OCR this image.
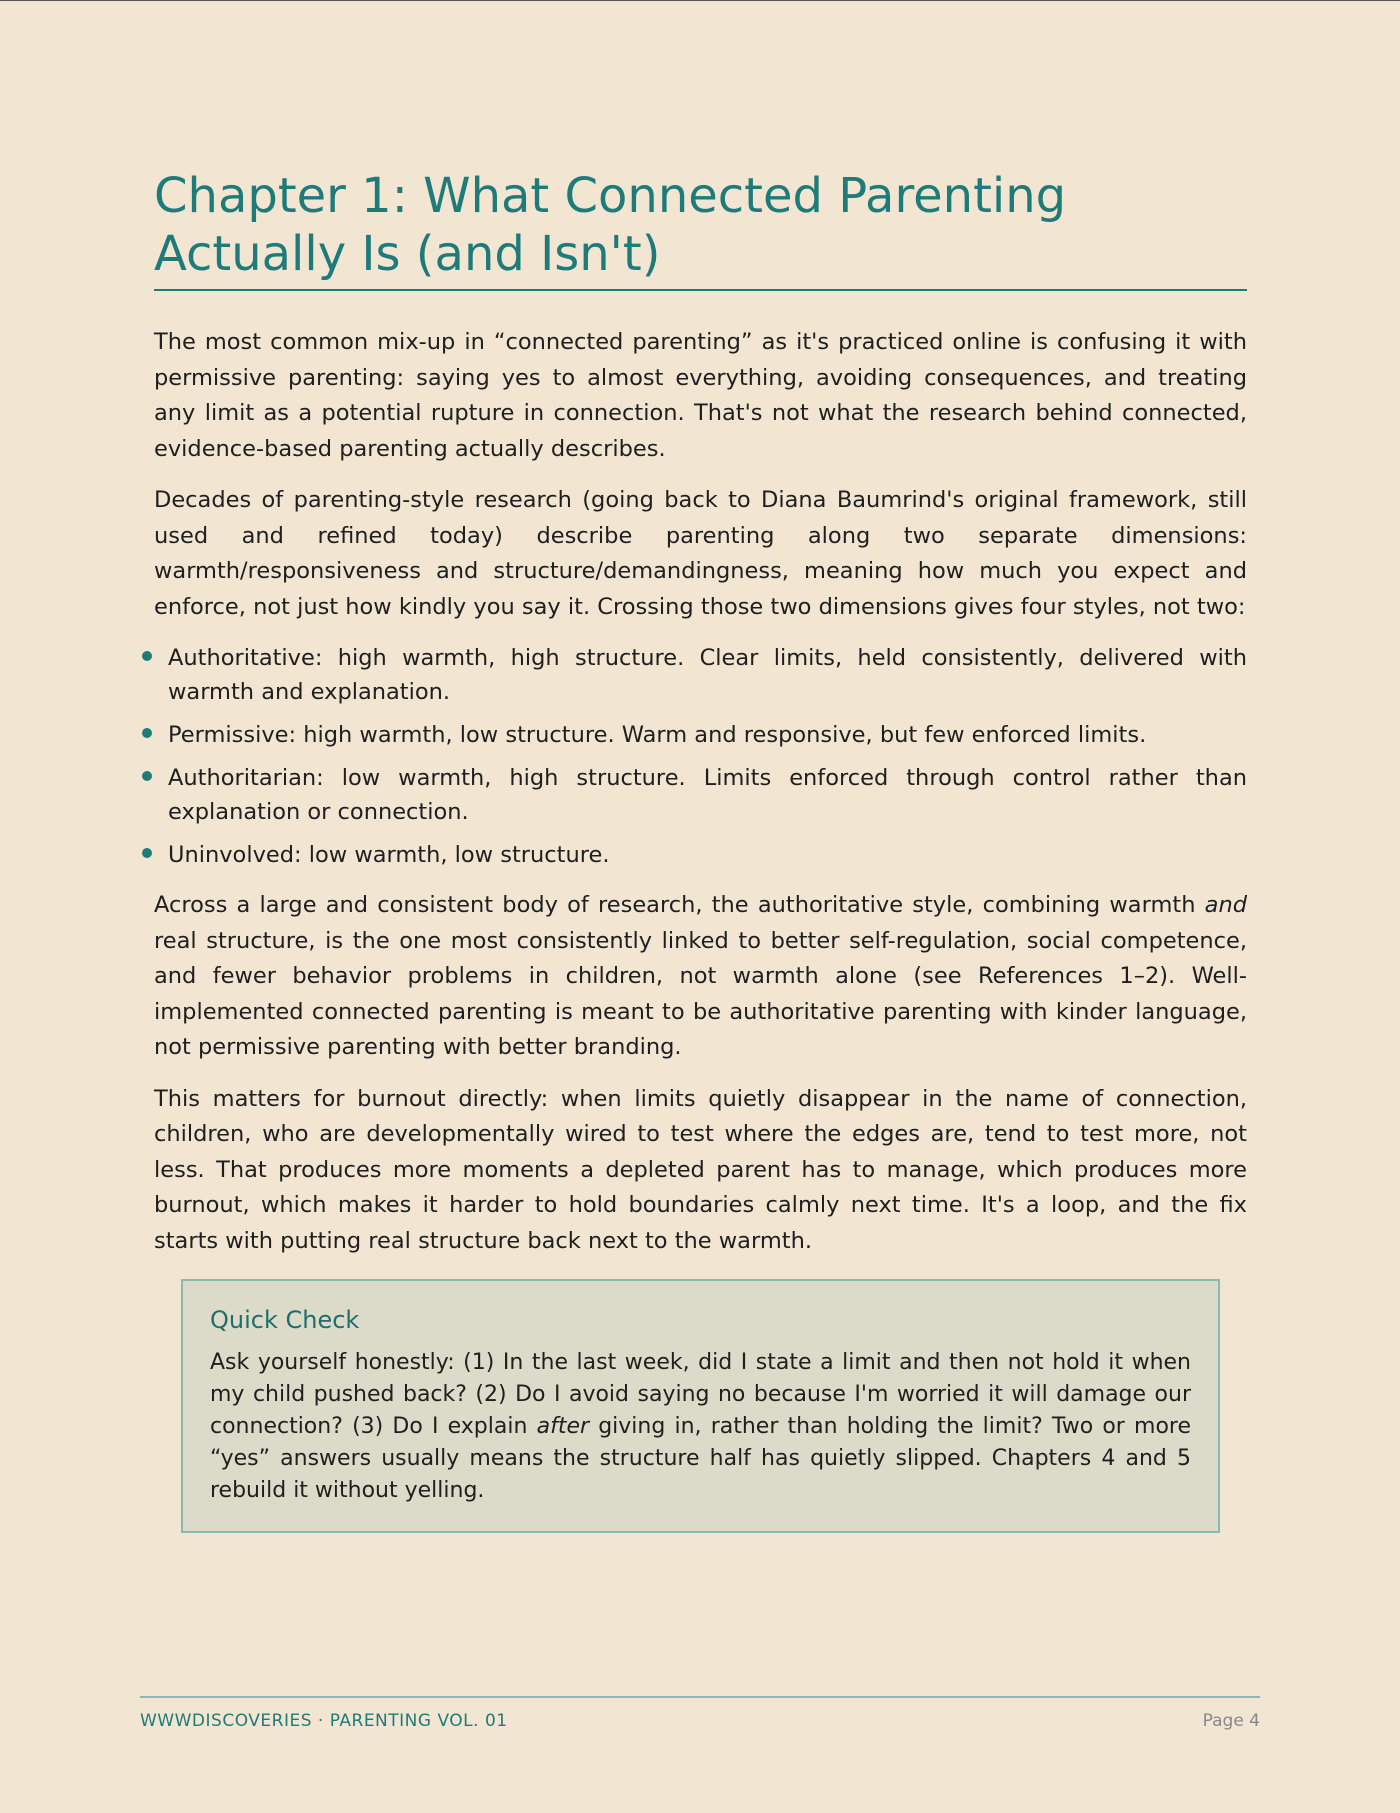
Chapter 1: What Connected Parenting Actually Is (and Isn't)

The most common mix-up in “connected parenting” as it's practiced online is confusing it with permissive parenting: saying yes to almost everything, avoiding consequences, and treating any limit as a potential rupture in connection. That's not what the research behind connected, evidence-based parenting actually describes.

Decades of parenting-style research (going back to Diana Baumrind's original framework, still used and refined today) describe parenting along two separate dimensions: warmth/responsiveness and structure/demandingness, meaning how much you expect and enforce, not just how kindly you say it. Crossing those two dimensions gives four styles, not two:

Authoritative: high warmth, high structure. Clear limits, held consistently, delivered with warmth and explanation.
Permissive: high warmth, low structure. Warm and responsive, but few enforced limits.
Authoritarian: low warmth, high structure. Limits enforced through control rather than explanation or connection.
Uninvolved: low warmth, low structure.

Across a large and consistent body of research, the authoritative style, combining warmth and real structure, is the one most consistently linked to better self-regulation, social competence, and fewer behavior problems in children, not warmth alone (see References 1–2). Well-implemented connected parenting is meant to be authoritative parenting with kinder language, not permissive parenting with better branding.

This matters for burnout directly: when limits quietly disappear in the name of connection, children, who are developmentally wired to test where the edges are, tend to test more, not less. That produces more moments a depleted parent has to manage, which produces more burnout, which makes it harder to hold boundaries calmly next time. It's a loop, and the fix starts with putting real structure back next to the warmth.

Quick Check

Ask yourself honestly: (1) In the last week, did I state a limit and then not hold it when my child pushed back? (2) Do I avoid saying no because I'm worried it will damage our connection? (3) Do I explain after giving in, rather than holding the limit? Two or more “yes” answers usually means the structure half has quietly slipped. Chapters 4 and 5 rebuild it without yelling.

WWWDISCOVERIES · PARENTING VOL. 01	Page 4
